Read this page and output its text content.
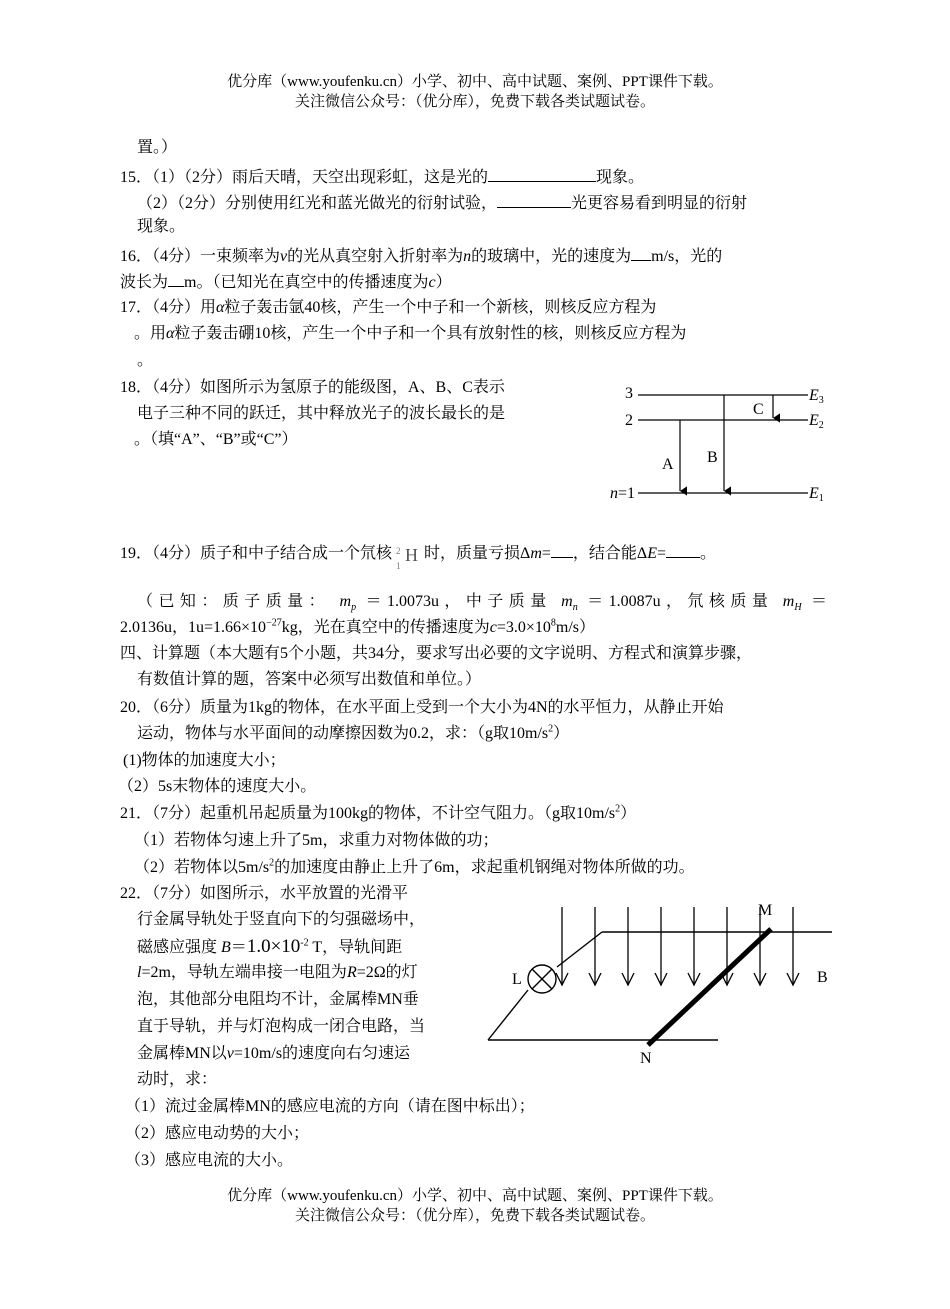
优分库（www.youfenku.cn）小学、初中、高中试题、案例、PPT课件下载。
关注微信公众号：（优分库），免费下载各类试题试卷。
置。）
15．（1）（2分）雨后天晴，天空出现彩虹，这是光的	现象。
（2）（2分）分别使用红光和蓝光做光的衍射试验，	光更容易看到明显的衍射
现象。
16．（4分）一束频率为v的光从真空射入折射率为n的玻璃中，光的速度为 m/s，光的
波长为 m。（已知光在真空中的传播速度为c）
17．（4分）用α粒子轰击氩40核，产生一个中子和一个新核，则核反应方程为
。用α粒子轰击硼10核，产生一个中子和一个具有放射性的核，则核反应方程为
。
18．（4分）如图所示为氢原子的能级图，A、B、C表示
电子三种不同的跃迁，其中释放光子的波长最长的是
。（填“A”、“B”或“C”）
3
2
n=1
E3
E2
E1
A B
C
19．（4分）质子和中子结合成一个氘核 2
1
H 时，质量亏损Δm= ，结合能ΔE= 。
（已知：质子质量： $m_p =1.0073u$，中子质量 $m_n =1.0087u$，氘核质量 $m_H$ ＝
2.0136u，$1u=1.66\times 10^{-27}kg$，光在真空中的传播速度为$c=3.0\times 10^8m/s$）
四、计算题（本大题有5个小题，共34分，要求写出必要的文字说明、方程式和演算步骤，
有数值计算的题，答案中必须写出数值和单位。）
20．（6分）质量为1kg的物体，在水平面上受到一个大小为4N的水平恒力，从静止开始
运动，物体与水平面间的动摩擦因数为0.2，求：（g取$10m/s^2$）
(1)物体的加速度大小；
（2）5s末物体的速度大小。
21．（7分）起重机吊起质量为100kg的物体，不计空气阻力。（g取$10m/s^2$）
（1）若物体匀速上升了5m，求重力对物体做的功；
（2）若物体以$5m/s^2$的加速度由静止上升了6m，求起重机钢绳对物体所做的功。
22．（7分）如图所示，水平放置的光滑平
行金属导轨处于竖直向下的匀强磁场中，
磁感应强度 $B=1.0\times 10^{-2}$ T，导轨间距
l=2m，导轨左端串接一电阻为R=2Ω的灯
泡，其他部分电阻均不计，金属棒MN垂
直于导轨，并与灯泡构成一闭合电路，当
金属棒MN以v=10m/s的速度向右匀速运
动时，求：
（1）流过金属棒MN的感应电流的方向（请在图中标出）；
（2）感应电动势的大小；
（3）感应电流的大小。
M
N
L	B
优分库（www.youfenku.cn）小学、初中、高中试题、案例、PPT课件下载。
关注微信公众号：（优分库），免费下载各类试题试卷。
